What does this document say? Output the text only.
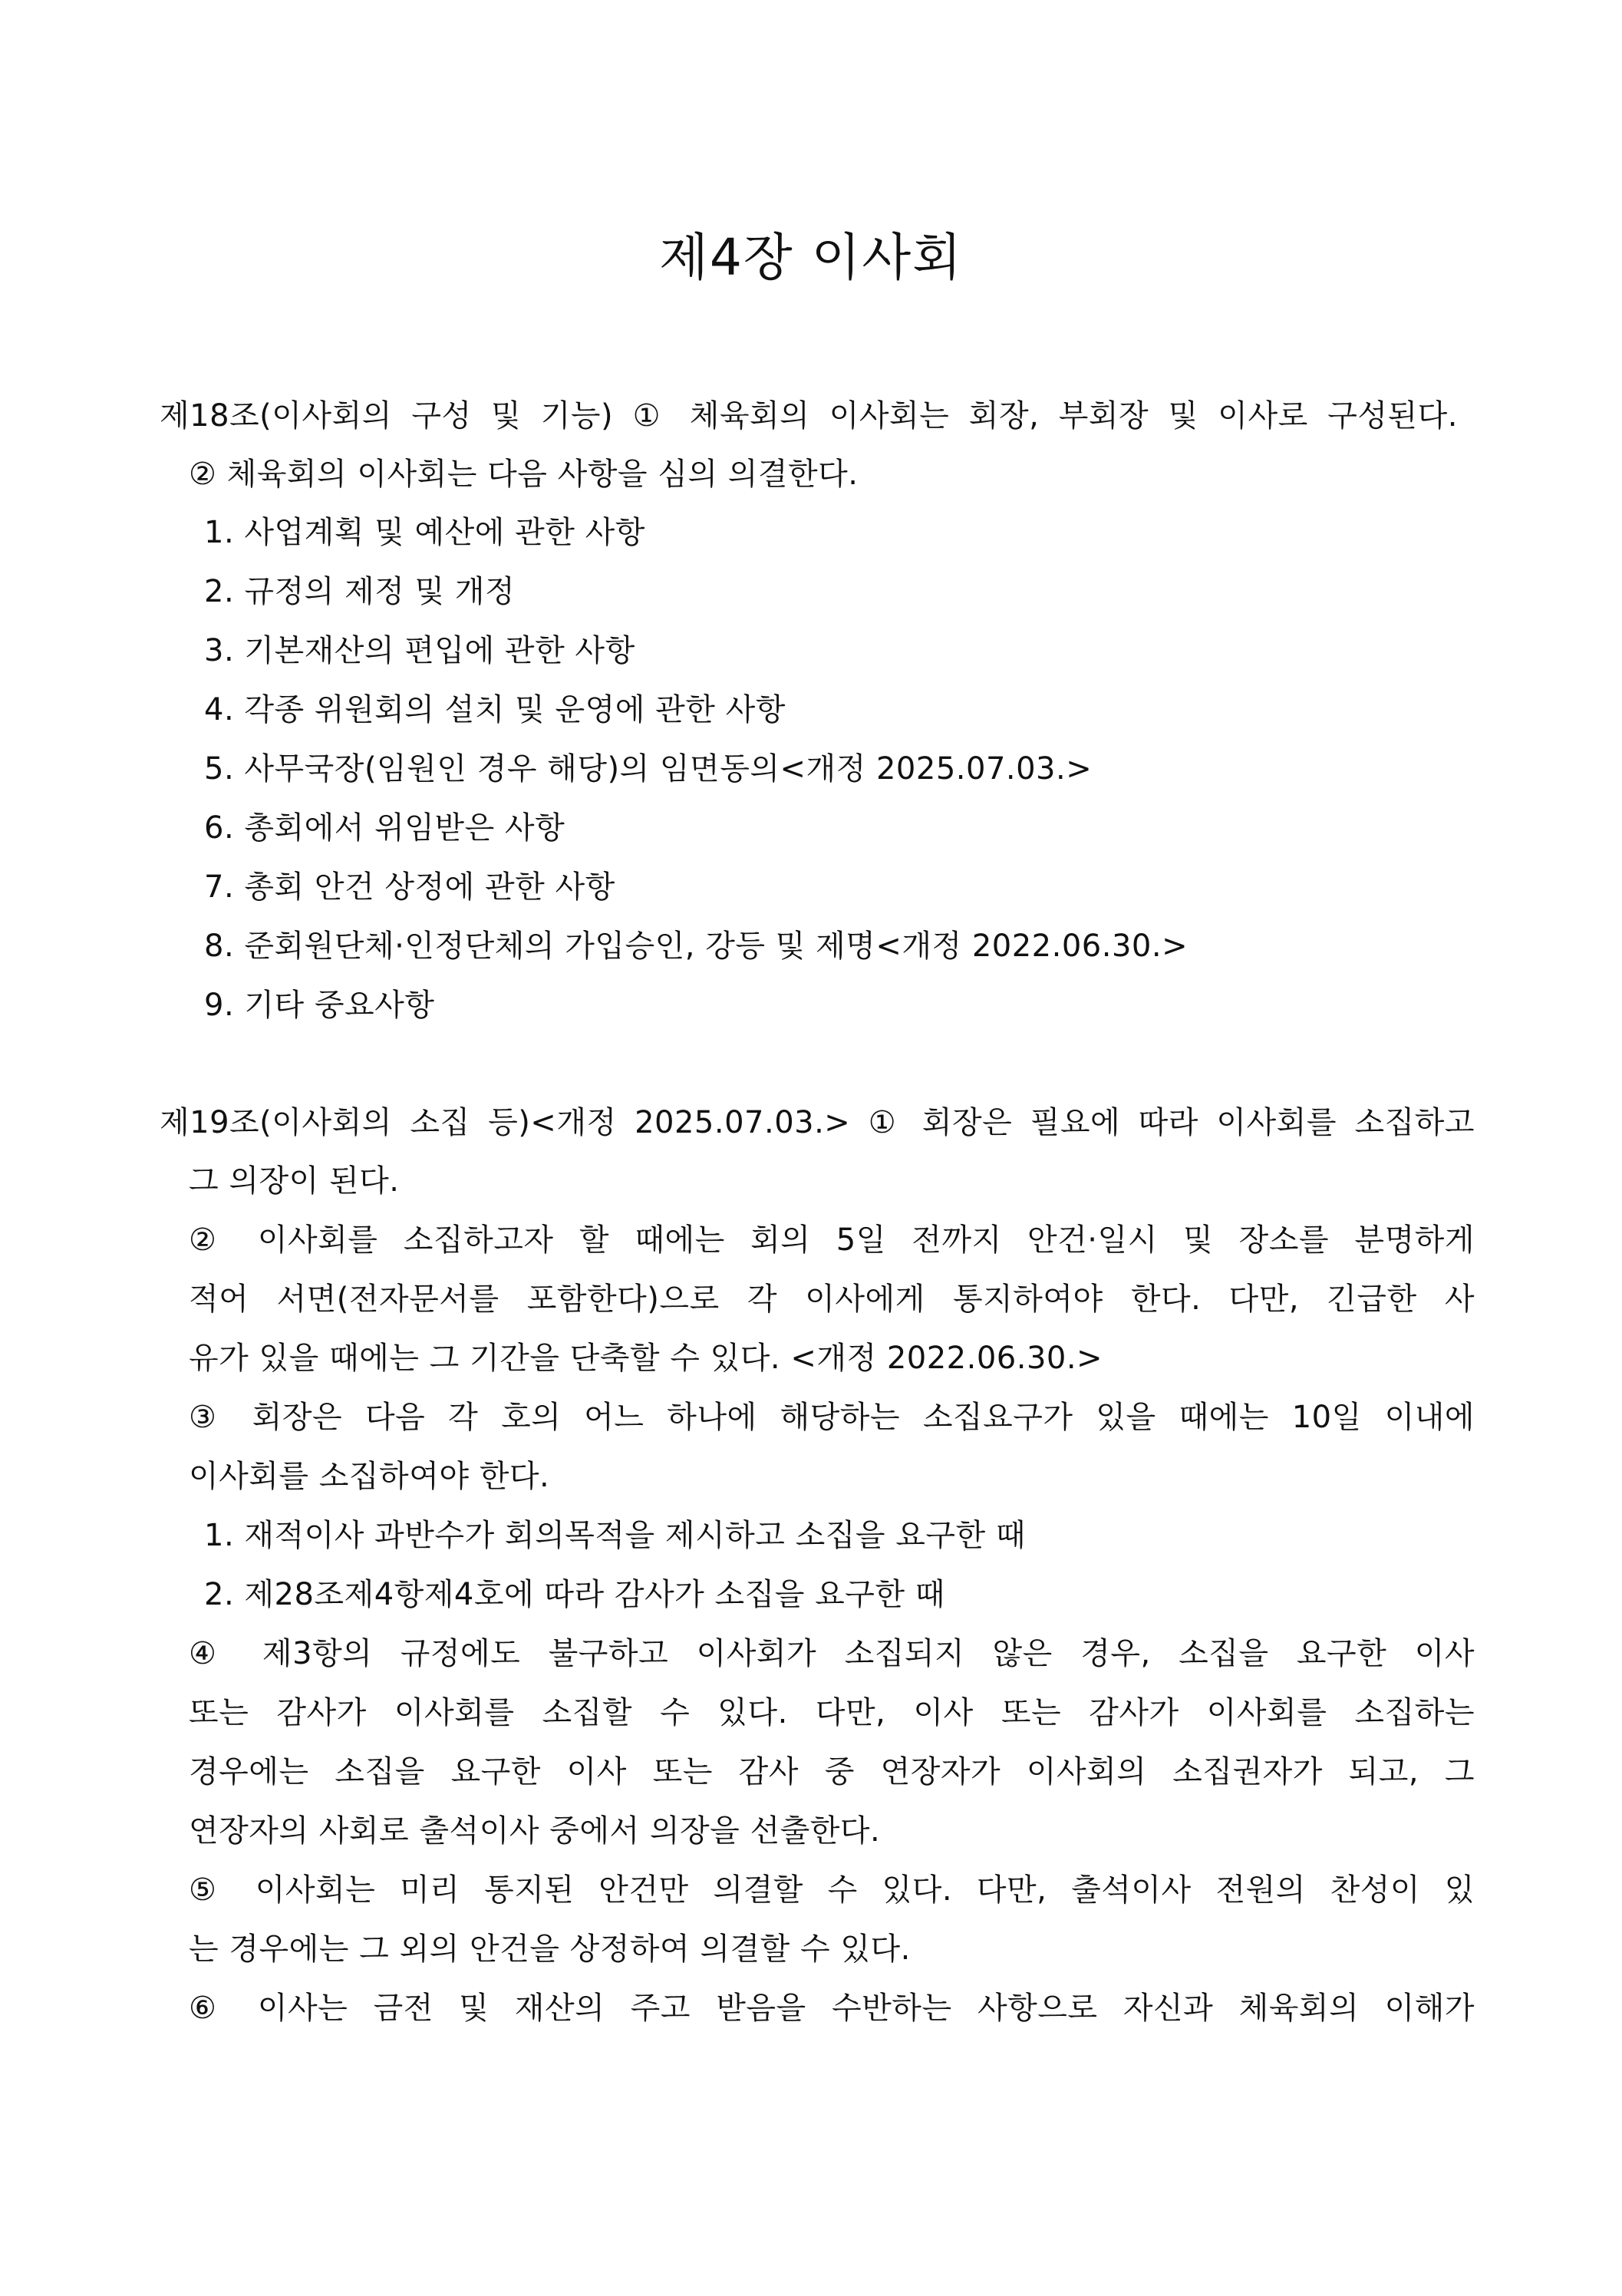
제4장 이사회
제18조(이사회의 구성 및 기능) ① 체육회의 이사회는 회장, 부회장 및 이사로 구성된다.
② 체육회의 이사회는 다음 사항을 심의 의결한다.
1. 사업계획 및 예산에 관한 사항
2. 규정의 제정 및 개정
3. 기본재산의 편입에 관한 사항
4. 각종 위원회의 설치 및 운영에 관한 사항
5. 사무국장(임원인 경우 해당)의 임면동의<개정 2025.07.03.>
6. 총회에서 위임받은 사항
7. 총회 안건 상정에 관한 사항
8. 준회원단체·인정단체의 가입승인, 강등 및 제명<개정 2022.06.30.>
9. 기타 중요사항
제19조(이사회의 소집 등)<개정 2025.07.03.> ① 회장은 필요에 따라 이사회를 소집하고
그 의장이 된다.
② 이사회를 소집하고자 할 때에는 회의 5일 전까지 안건·일시 및 장소를 분명하게
적어 서면(전자문서를 포함한다)으로 각 이사에게 통지하여야 한다. 다만, 긴급한 사
유가 있을 때에는 그 기간을 단축할 수 있다. <개정 2022.06.30.>
③ 회장은 다음 각 호의 어느 하나에 해당하는 소집요구가 있을 때에는 10일 이내에
이사회를 소집하여야 한다.
1. 재적이사 과반수가 회의목적을 제시하고 소집을 요구한 때
2. 제28조제4항제4호에 따라 감사가 소집을 요구한 때
④ 제3항의 규정에도 불구하고 이사회가 소집되지 않은 경우, 소집을 요구한 이사
또는 감사가 이사회를 소집할 수 있다. 다만, 이사 또는 감사가 이사회를 소집하는
경우에는 소집을 요구한 이사 또는 감사 중 연장자가 이사회의 소집권자가 되고, 그
연장자의 사회로 출석이사 중에서 의장을 선출한다.
⑤ 이사회는 미리 통지된 안건만 의결할 수 있다. 다만, 출석이사 전원의 찬성이 있
는 경우에는 그 외의 안건을 상정하여 의결할 수 있다.
⑥ 이사는 금전 및 재산의 주고 받음을 수반하는 사항으로 자신과 체육회의 이해가
